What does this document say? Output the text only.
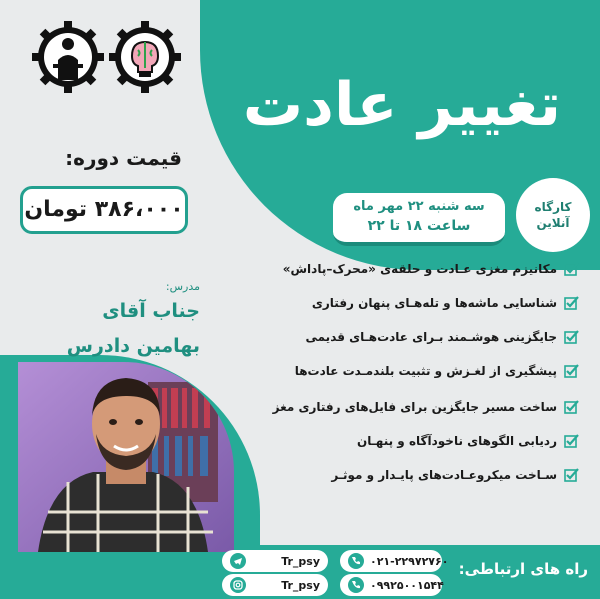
تغییر عادت
کارگاه
آنلاین
سه شنبه ۲۲ مهر ماه
ساعت ۱۸ تا ۲۲
قیمت دوره:
۳۸۶،۰۰۰ تومان
مدرس:
جناب آقای
بهامین دادرس
مکانیزم مغزی عـادت و حلقه‌ی «محرک–پاداش»
شناسایی ماشه‌ها و تله‌هـای پنهان رفتاری
جایگزینی هوشـمند بـرای عادت‌هـای قدیمی
پیشگیری از لغـزش و تثبیت بلندمـدت عادت‌ها
ساخت مسیر جایگزین برای فایل‌های رفتاری مغز
ردیابی الگوهای ناخودآگاه و پنهـان
سـاخت میکروعـادت‌های پایـدار و موثـر
راه های ارتباطی:
Tr_psy
Tr_psy
۰۲۱-۲۲۹۷۲۷۶۰
۰۹۹۲۵۰۰۱۵۴۴
